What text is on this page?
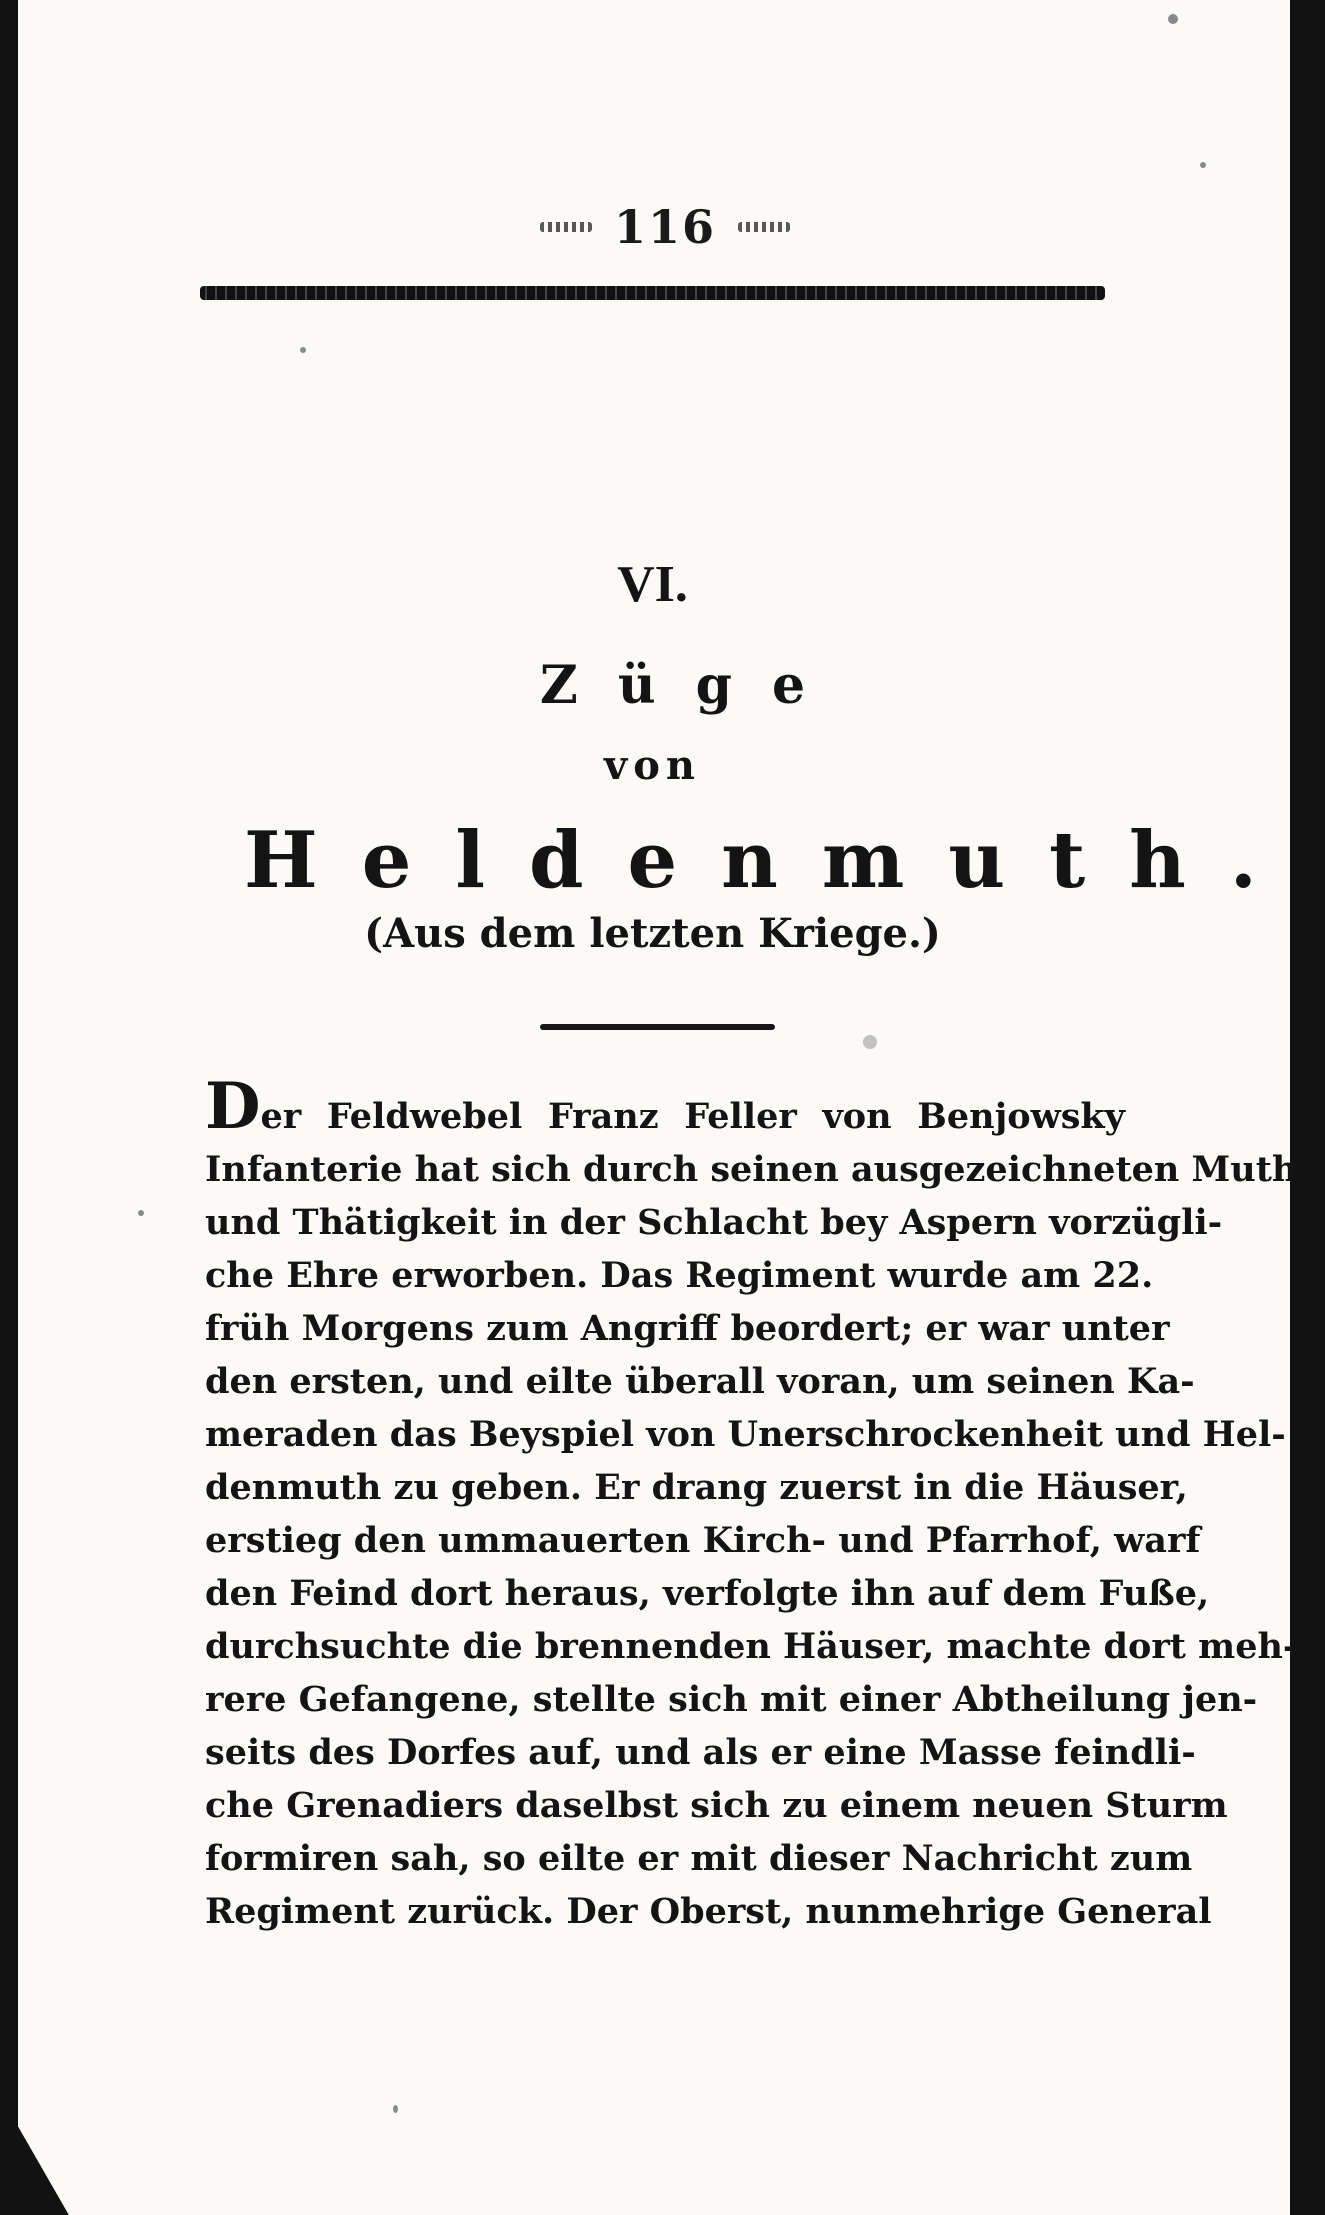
116
VI.
Züge
von
Heldenmuth.
(Aus dem letzten Kriege.)
Der Feldwebel Franz Feller von Benjowsky
Infanterie hat sich durch seinen ausgezeichneten Muth
und Thätigkeit in der Schlacht bey Aspern vorzügli-
che Ehre erworben. Das Regiment wurde am 22.
früh Morgens zum Angriff beordert; er war unter
den ersten, und eilte überall voran, um seinen Ka-
meraden das Beyspiel von Unerschrockenheit und Hel-
denmuth zu geben. Er drang zuerst in die Häuser,
erstieg den ummauerten Kirch- und Pfarrhof, warf
den Feind dort heraus, verfolgte ihn auf dem Fuße,
durchsuchte die brennenden Häuser, machte dort meh-
rere Gefangene, stellte sich mit einer Abtheilung jen-
seits des Dorfes auf, und als er eine Masse feindli-
che Grenadiers daselbst sich zu einem neuen Sturm
formiren sah, so eilte er mit dieser Nachricht zum
Regiment zurück. Der Oberst, nunmehrige General
